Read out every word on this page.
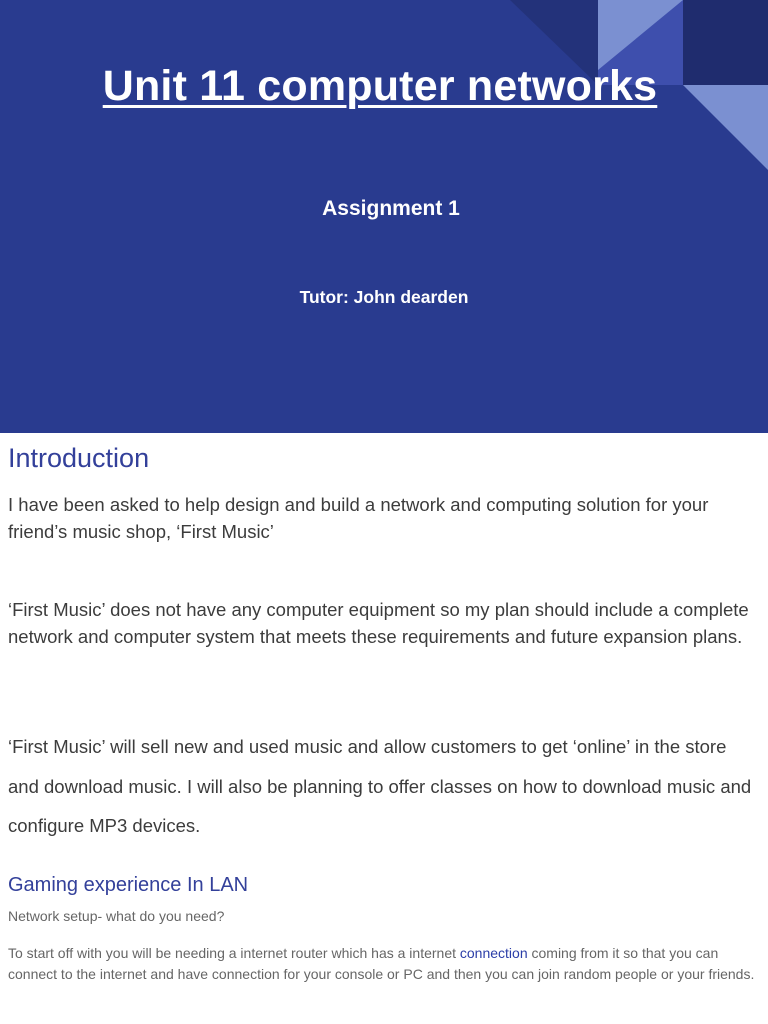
Unit 11 computer networks
Assignment 1
Tutor: John dearden
Introduction

I have been asked to help design and build a network and computing solution for your friend’s music shop, ‘First Music’

‘First Music’ does not have any computer equipment so my plan should include a complete network and computer system that meets these requirements and future expansion plans.

‘First Music’ will sell new and used music and allow customers to get ‘online’ in the store and download music. I will also be planning to offer classes on how to download music and configure MP3 devices.

Gaming experience In LAN

Network setup- what do you need?

To start off with you will be needing a internet router which has a internet connection coming from it so that you can connect to the internet and have connection for your console or PC and then you can join random people or your friends.
